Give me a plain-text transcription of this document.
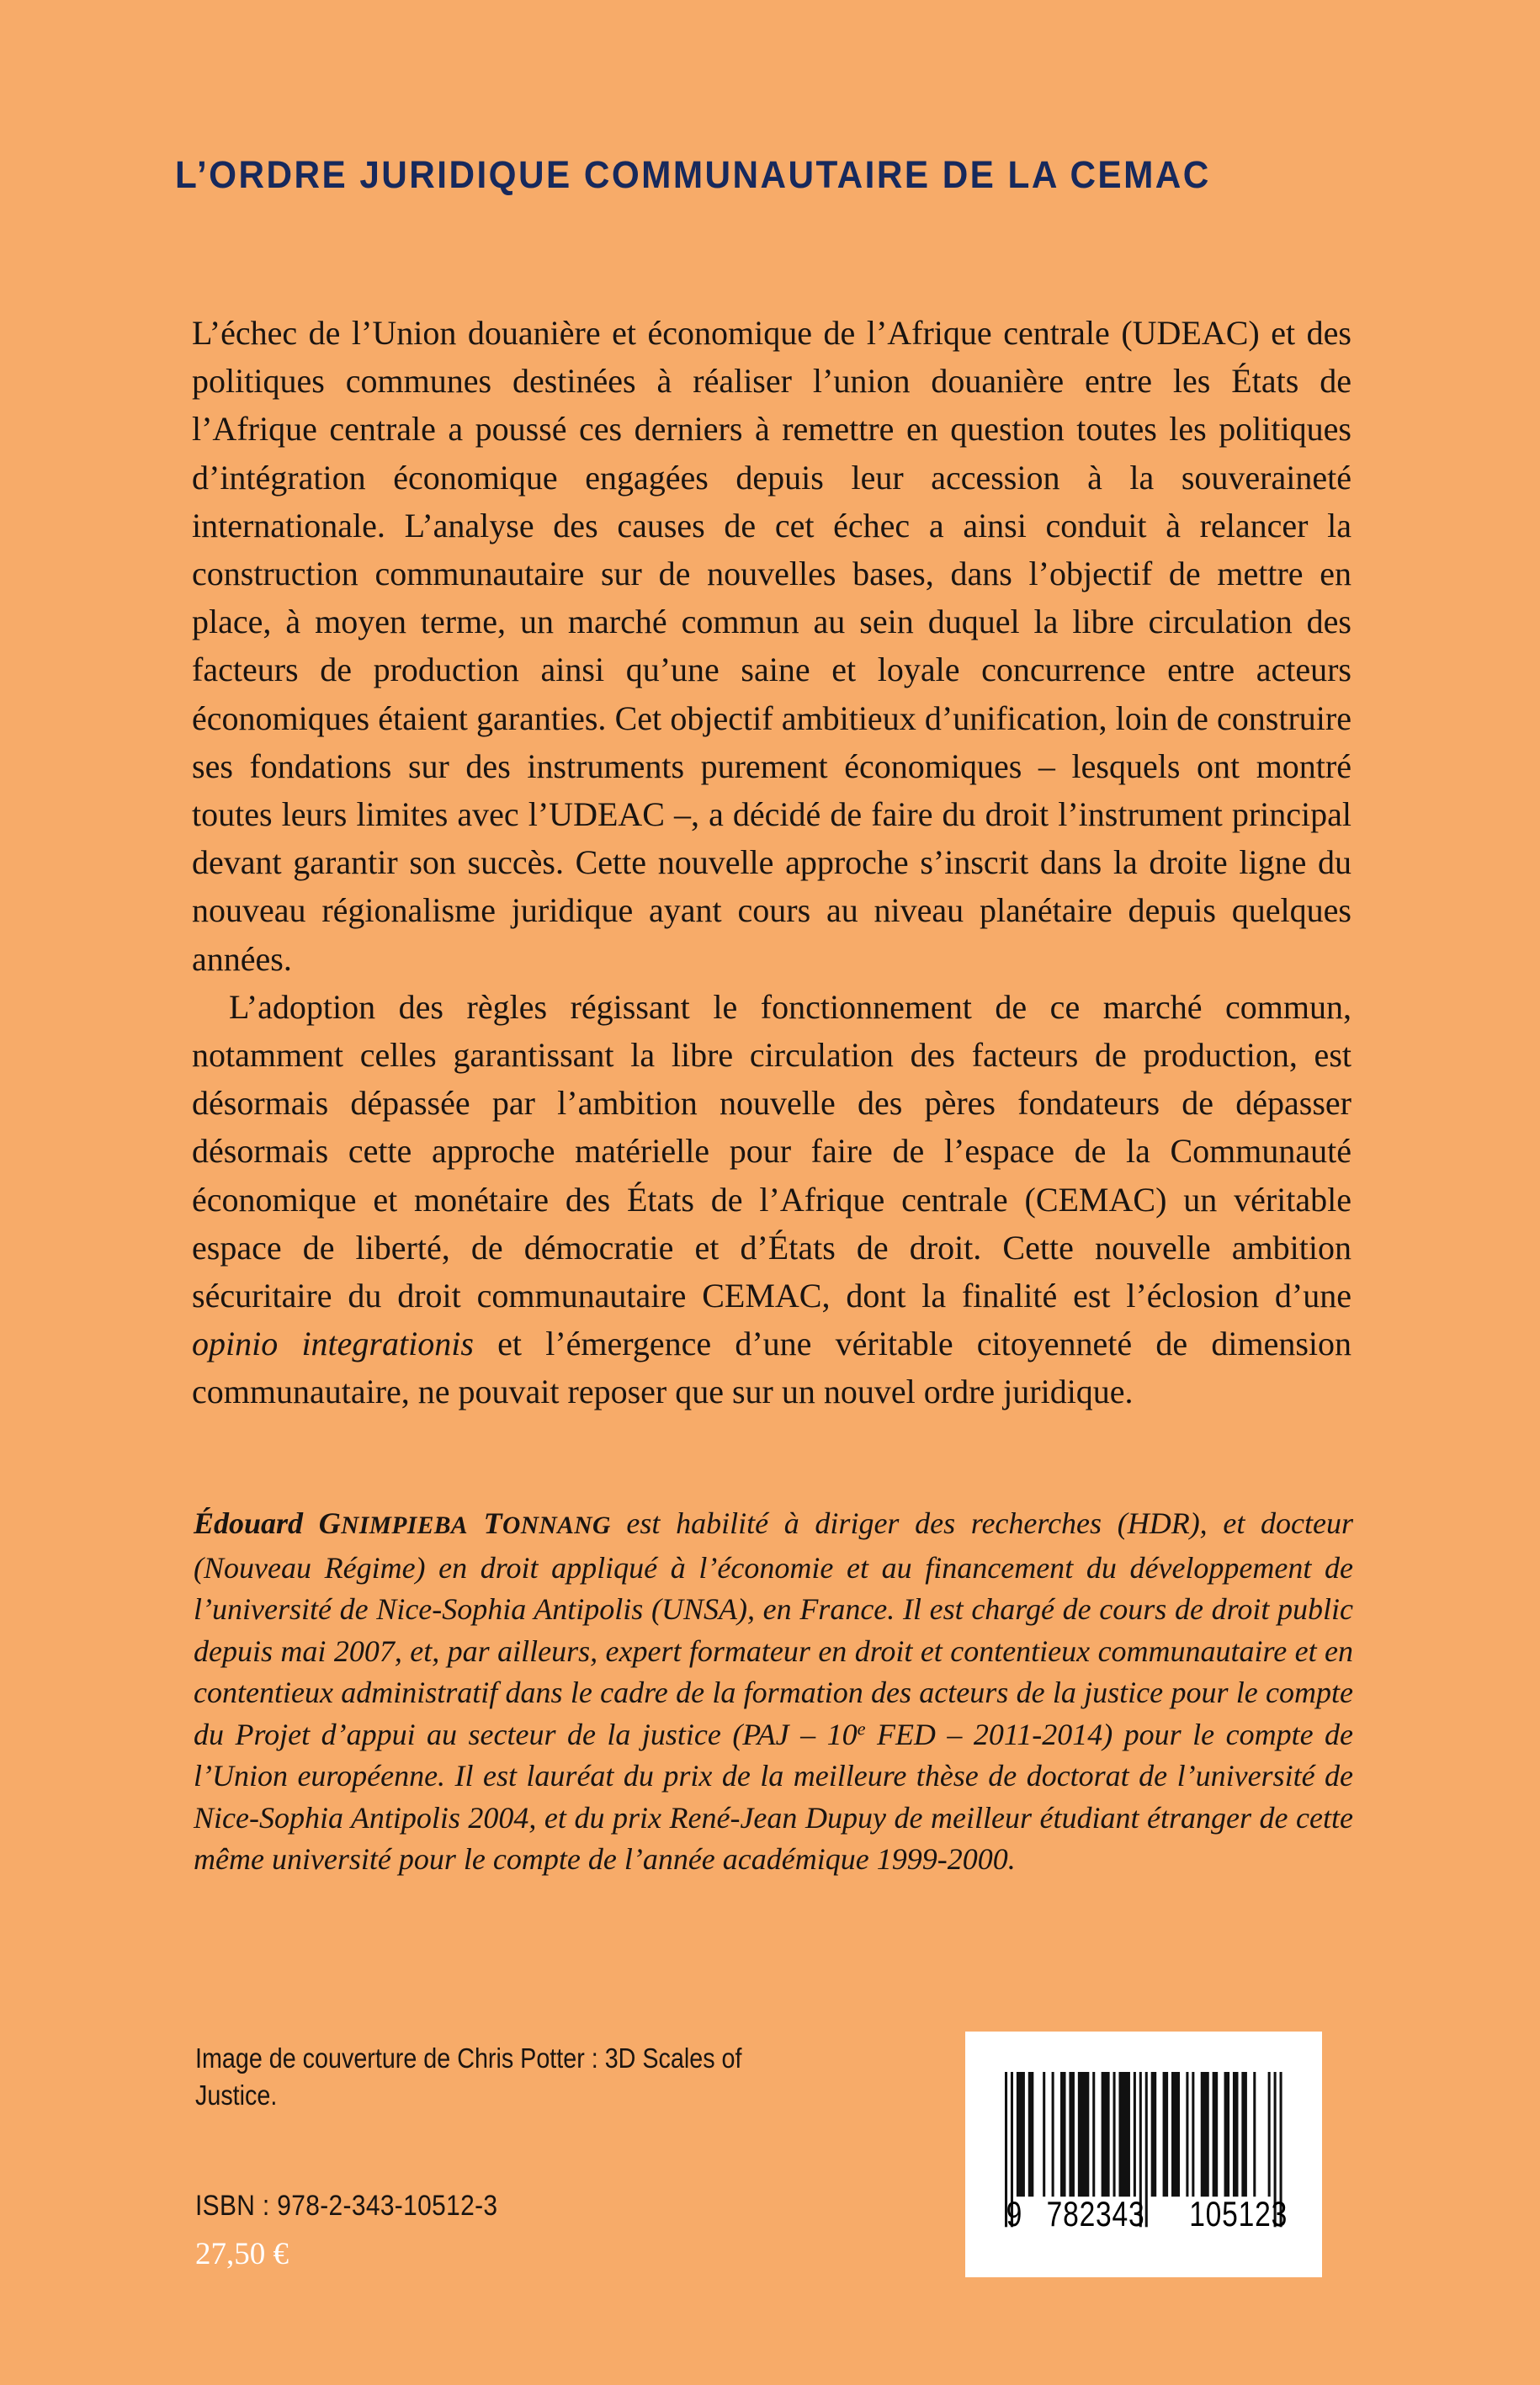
L’ORDRE JURIDIQUE COMMUNAUTAIRE DE LA CEMAC

L’échec de l’Union douanière et économique de l’Afrique centrale (UDEAC) et des politiques communes destinées à réaliser l’union douanière entre les États de l’Afrique centrale a poussé ces derniers à remettre en question toutes les politiques d’intégration économique engagées depuis leur accession à la souveraineté internationale. L’analyse des causes de cet échec a ainsi conduit à relancer la construction communautaire sur de nouvelles bases, dans l’objectif de mettre en place, à moyen terme, un marché commun au sein duquel la libre circulation des facteurs de production ainsi qu’une saine et loyale concurrence entre acteurs économiques étaient garanties. Cet objectif ambitieux d’unification, loin de construire ses fondations sur des instruments purement économiques – lesquels ont montré toutes leurs limites avec l’UDEAC –, a décidé de faire du droit l’instrument principal devant garantir son succès. Cette nouvelle approche s’inscrit dans la droite ligne du nouveau régionalisme juridique ayant cours au niveau planétaire depuis quelques années.

L’adoption des règles régissant le fonctionnement de ce marché commun, notamment celles garantissant la libre circulation des facteurs de production, est désormais dépassée par l’ambition nouvelle des pères fondateurs de dépasser désormais cette approche matérielle pour faire de l’espace de la Communauté économique et monétaire des États de l’Afrique centrale (CEMAC) un véritable espace de liberté, de démocratie et d’États de droit. Cette nouvelle ambition sécuritaire du droit communautaire CEMAC, dont la finalité est l’éclosion d’une opinio integrationis et l’émergence d’une véritable citoyenneté de dimension communautaire, ne pouvait reposer que sur un nouvel ordre juridique.

Édouard GNIMPIEBA TONNANG est habilité à diriger des recherches (HDR), et docteur (Nouveau Régime) en droit appliqué à l’économie et au financement du développement de l’université de Nice-Sophia Antipolis (UNSA), en France. Il est chargé de cours de droit public depuis mai 2007, et, par ailleurs, expert formateur en droit et contentieux communautaire et en contentieux administratif dans le cadre de la formation des acteurs de la justice pour le compte du Projet d’appui au secteur de la justice (PAJ – 10e FED – 2011-2014) pour le compte de l’Union européenne. Il est lauréat du prix de la meilleure thèse de doctorat de l’université de Nice-Sophia Antipolis 2004, et du prix René-Jean Dupuy de meilleur étudiant étranger de cette même université pour le compte de l’année académique 1999-2000.

Image de couverture de Chris Potter : 3D Scales of Justice.
ISBN : 978-2-343-10512-3
27,50 €
9 782343 105123
